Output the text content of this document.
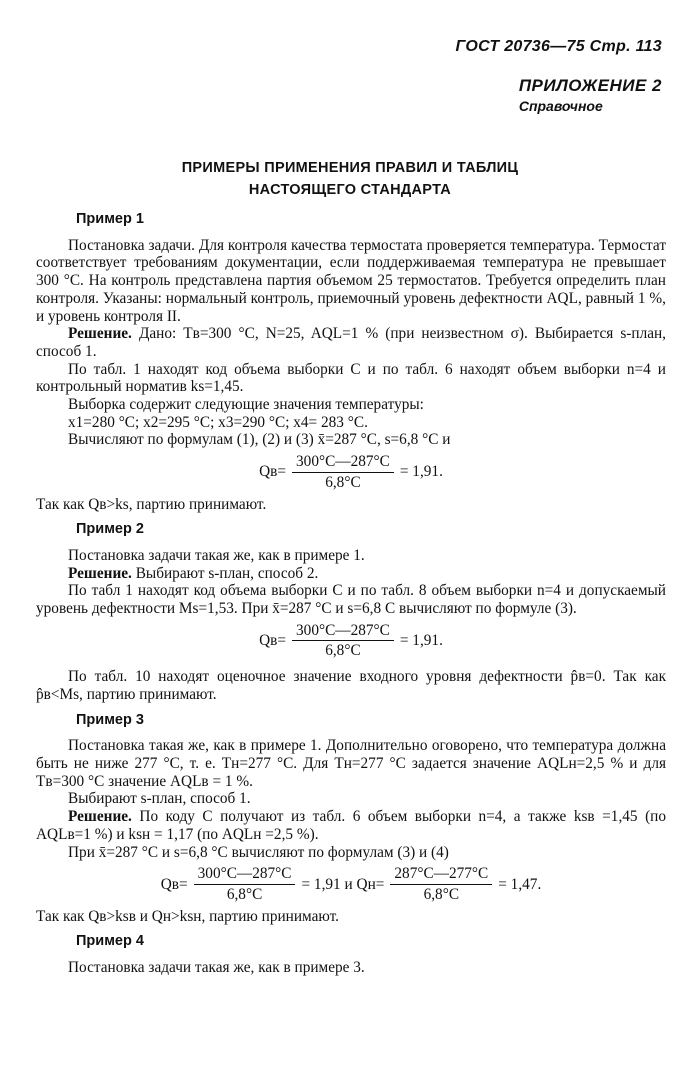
ГОСТ 20736—75 Стр. 113
ПРИЛОЖЕНИЕ 2
Справочное
ПРИМЕРЫ ПРИМЕНЕНИЯ ПРАВИЛ И ТАБЛИЦ
НАСТОЯЩЕГО СТАНДАРТА
Пример 1

Постановка задачи. Для контроля качества термостата проверяется температура. Термостат соответствует требованиям документации, если поддерживаемая температура не превышает 300 °С. На контроль представлена партия объемом 25 термостатов. Требуется определить план контроля. Указаны: нормальный контроль, приемочный уровень дефектности AQL, равный 1 %, и уровень контроля II.

Решение. Дано: Tв=300 °С, N=25, AQL=1 % (при неизвестном σ). Выбирается s-план, способ 1.

По табл. 1 находят код объема выборки С и по табл. 6 находят объем выборки n=4 и контрольный норматив ks=1,45.

Выборка содержит следующие значения температуры:

x1=280 °С; x2=295 °С; x3=290 °С; x4= 283 °С.

Вычисляют по формулам (1), (2) и (3) x̄=287 °С, s=6,8 °С и

$Qв= \frac{300^\circ С—287^\circ С}{6,8^\circ С} = 1,91$.

Так как Qв>ks, партию принимают.

Пример 2

Постановка задачи такая же, как в примере 1.

Решение. Выбирают s-план, способ 2.

По табл 1 находят код объема выборки С и по табл. 8 объем выборки n=4 и допускаемый уровень дефектности Ms=1,53. При x̄=287 °С и s=6,8 С вычисляют по формуле (3).

$Qв= \frac{300^\circ С—287^\circ С}{6,8^\circ С} = 1,91$.

По табл. 10 находят оценочное значение входного уровня дефектности p̂в=0. Так как p̂в<Ms, партию принимают.

Пример 3

Постановка такая же, как в примере 1. Дополнительно оговорено, что температура должна быть не ниже 277 °С, т. е. Tн=277 °С. Для Tн=277 °С задается значение AQLн=2,5 % и для Tв=300 °С значение AQLв = 1 %.

Выбирают s-план, способ 1.

Решение. По коду С получают из табл. 6 объем выборки n=4, а также ksв =1,45 (по AQLв=1 %) и ksн = 1,17 (по AQLн =2,5 %).

При x̄=287 °С и s=6,8 °С вычисляют по формулам (3) и (4)

$Qв= \frac{300^\circ С—287^\circ С}{6,8^\circ С} = 1,91$ и $Qн= \frac{287^\circ С—277^\circ С}{6,8^\circ С} = 1,47$.

Так как Qв>ksв и Qн>ksн, партию принимают.

Пример 4

Постановка задачи такая же, как в примере 3.
